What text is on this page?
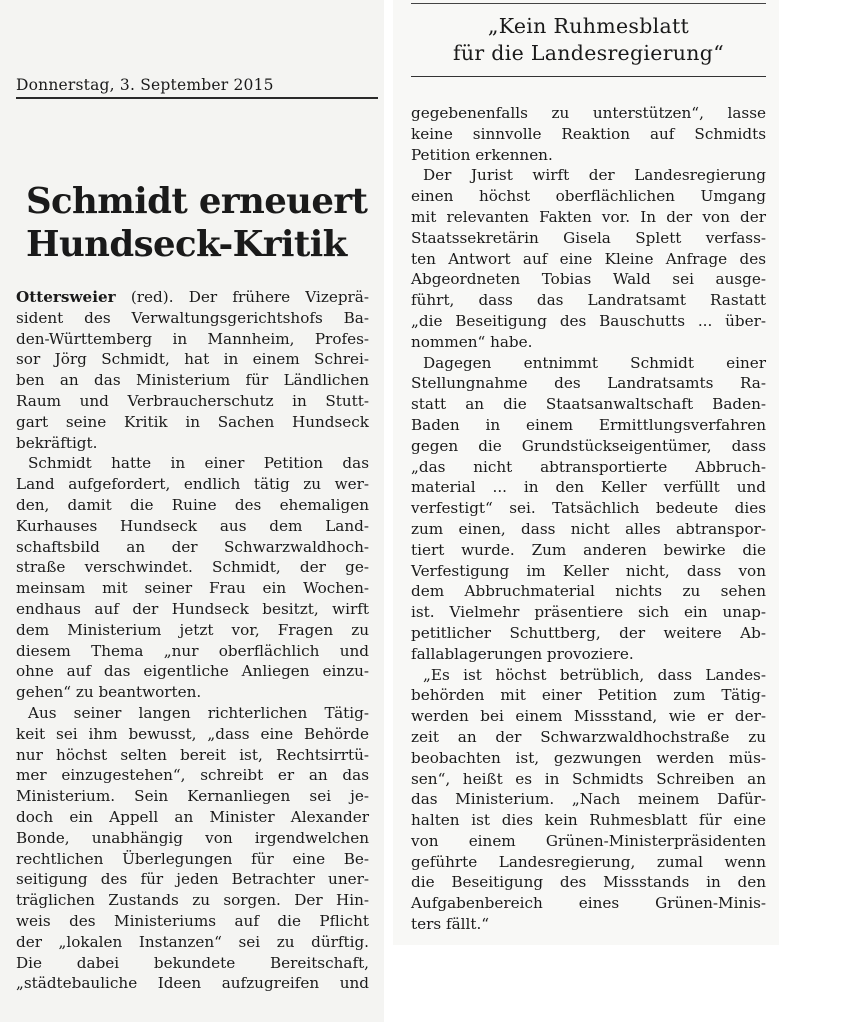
Donnerstag, 3. September 2015
Schmidt erneuert
Hundseck-Kritik
Ottersweier (red). Der frühere Vizeprä-
sident des Verwaltungsgerichtshofs Ba-
den-Württemberg in Mannheim, Profes-
sor Jörg Schmidt, hat in einem Schrei-
ben an das Ministerium für Ländlichen
Raum und Verbraucherschutz in Stutt-
gart seine Kritik in Sachen Hundseck
bekräftigt.
Schmidt hatte in einer Petition das
Land aufgefordert, endlich tätig zu wer-
den, damit die Ruine des ehemaligen
Kurhauses Hundseck aus dem Land-
schaftsbild an der Schwarzwaldhoch-
straße verschwindet. Schmidt, der ge-
meinsam mit seiner Frau ein Wochen-
endhaus auf der Hundseck besitzt, wirft
dem Ministerium jetzt vor, Fragen zu
diesem Thema „nur oberflächlich und
ohne auf das eigentliche Anliegen einzu-
gehen“ zu beantworten.
Aus seiner langen richterlichen Tätig-
keit sei ihm bewusst, „dass eine Behörde
nur höchst selten bereit ist, Rechtsirrtü-
mer einzugestehen“, schreibt er an das
Ministerium. Sein Kernanliegen sei je-
doch ein Appell an Minister Alexander
Bonde, unabhängig von irgendwelchen
rechtlichen Überlegungen für eine Be-
seitigung des für jeden Betrachter uner-
träglichen Zustands zu sorgen. Der Hin-
weis des Ministeriums auf die Pflicht
der „lokalen Instanzen“ sei zu dürftig.
Die dabei bekundete Bereitschaft,
„städtebauliche Ideen aufzugreifen und
„Kein Ruhmesblatt
für die Landesregierung“
gegebenenfalls zu unterstützen“, lasse
keine sinnvolle Reaktion auf Schmidts
Petition erkennen.
Der Jurist wirft der Landesregierung
einen höchst oberflächlichen Umgang
mit relevanten Fakten vor. In der von der
Staatssekretärin Gisela Splett verfass-
ten Antwort auf eine Kleine Anfrage des
Abgeordneten Tobias Wald sei ausge-
führt, dass das Landratsamt Rastatt
„die Beseitigung des Bauschutts ... über-
nommen“ habe.
Dagegen entnimmt Schmidt einer
Stellungnahme des Landratsamts Ra-
statt an die Staatsanwaltschaft Baden-
Baden in einem Ermittlungsverfahren
gegen die Grundstückseigentümer, dass
„das nicht abtransportierte Abbruch-
material ... in den Keller verfüllt und
verfestigt“ sei. Tatsächlich bedeute dies
zum einen, dass nicht alles abtranspor-
tiert wurde. Zum anderen bewirke die
Verfestigung im Keller nicht, dass von
dem Abbruchmaterial nichts zu sehen
ist. Vielmehr präsentiere sich ein unap-
petitlicher Schuttberg, der weitere Ab-
fallablagerungen provoziere.
„Es ist höchst betrüblich, dass Landes-
behörden mit einer Petition zum Tätig-
werden bei einem Missstand, wie er der-
zeit an der Schwarzwaldhochstraße zu
beobachten ist, gezwungen werden müs-
sen“, heißt es in Schmidts Schreiben an
das Ministerium. „Nach meinem Dafür-
halten ist dies kein Ruhmesblatt für eine
von einem Grünen-Ministerpräsidenten
geführte Landesregierung, zumal wenn
die Beseitigung des Missstands in den
Aufgabenbereich eines Grünen-Minis-
ters fällt.“
